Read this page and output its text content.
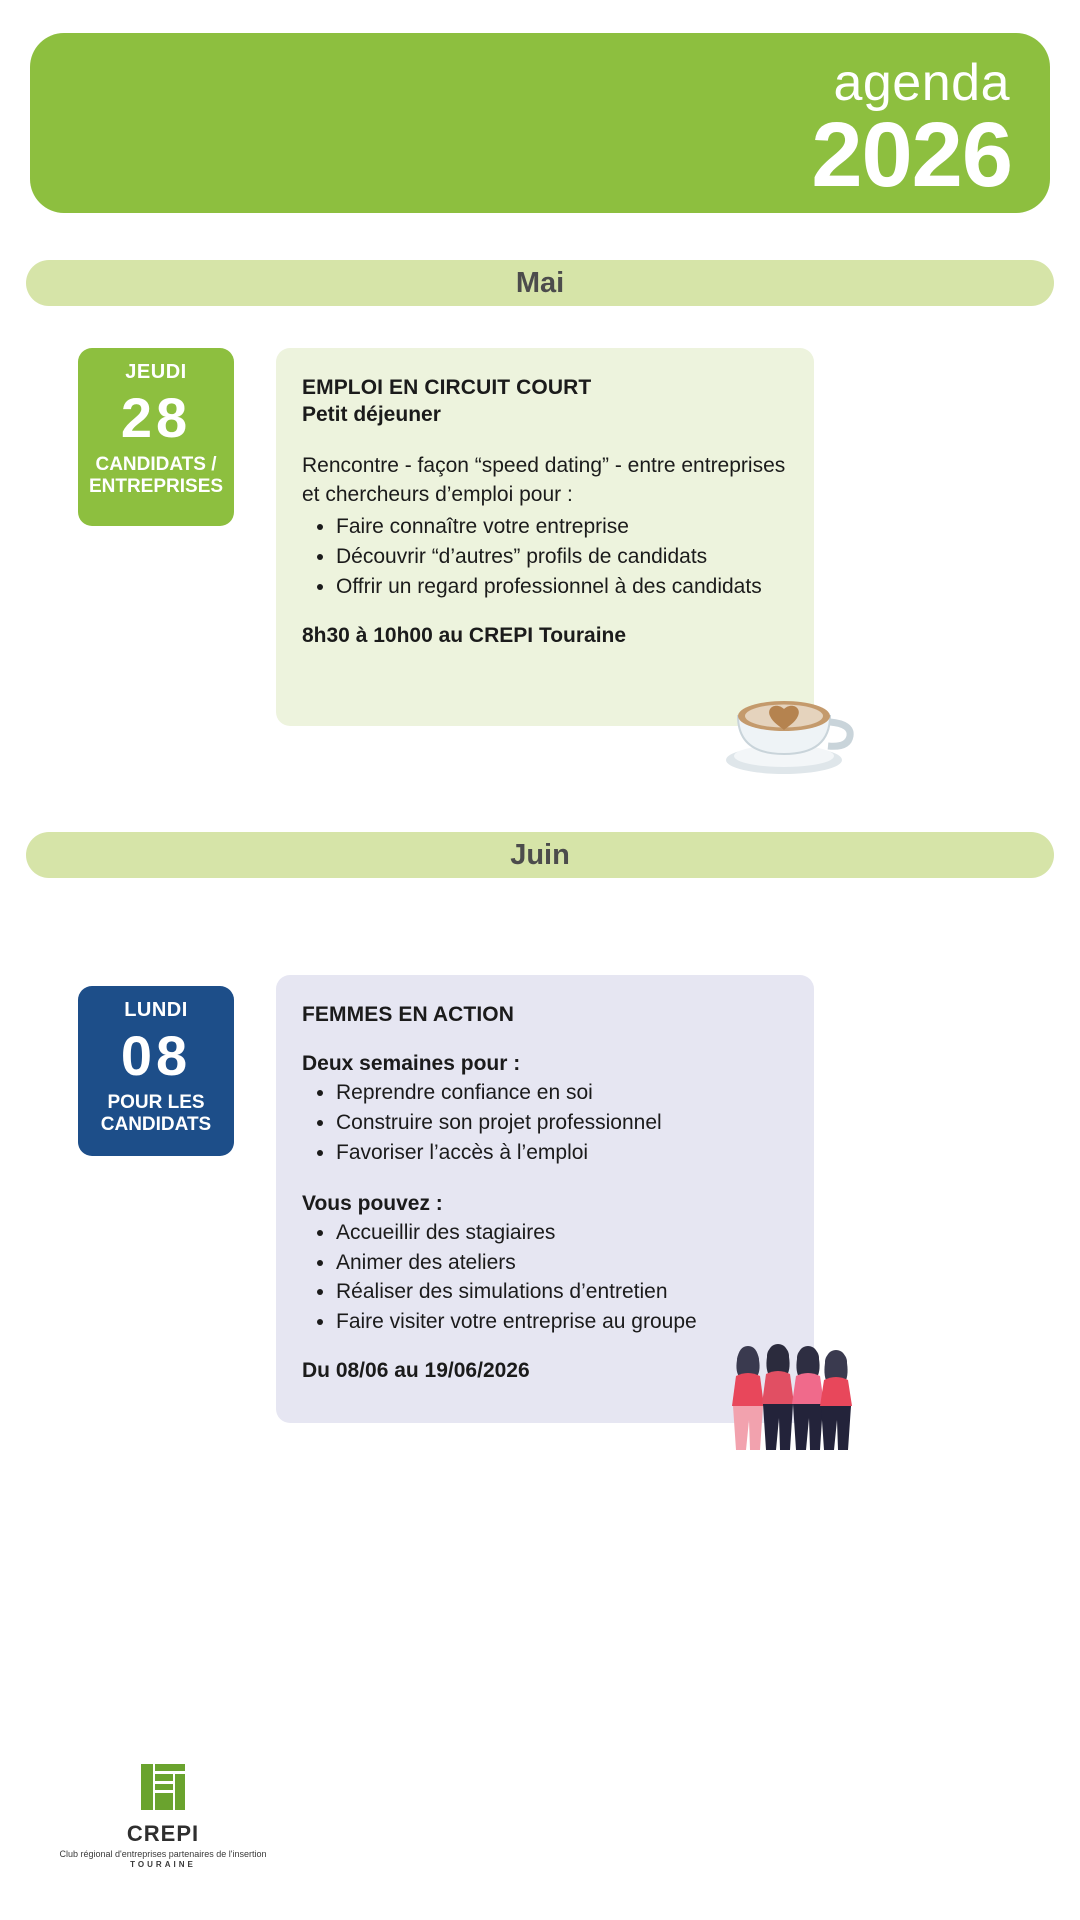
agenda
2026
Mai
JEUDI
28
CANDIDATS /
ENTREPRISES
EMPLOI EN CIRCUIT COURT
Petit déjeuner
Rencontre - façon “speed dating” - entre entreprises et chercheurs d’emploi pour :
• Faire connaître votre entreprise
• Découvrir “d’autres” profils de candidats
• Offrir un regard professionnel à des candidats
8h30 à 10h00 au CREPI Touraine
Juin
LUNDI
08
POUR LES
CANDIDATS
FEMMES EN ACTION
Deux semaines pour :
• Reprendre confiance en soi
• Construire son projet professionnel
• Favoriser l’accès à l’emploi
Vous pouvez :
• Accueillir des stagiaires
• Animer des ateliers
• Réaliser des simulations d’entretien
• Faire visiter votre entreprise au groupe
Du 08/06 au 19/06/2026
CREPI
Club régional d'entreprises partenaires de l'insertion
TOURAINE
